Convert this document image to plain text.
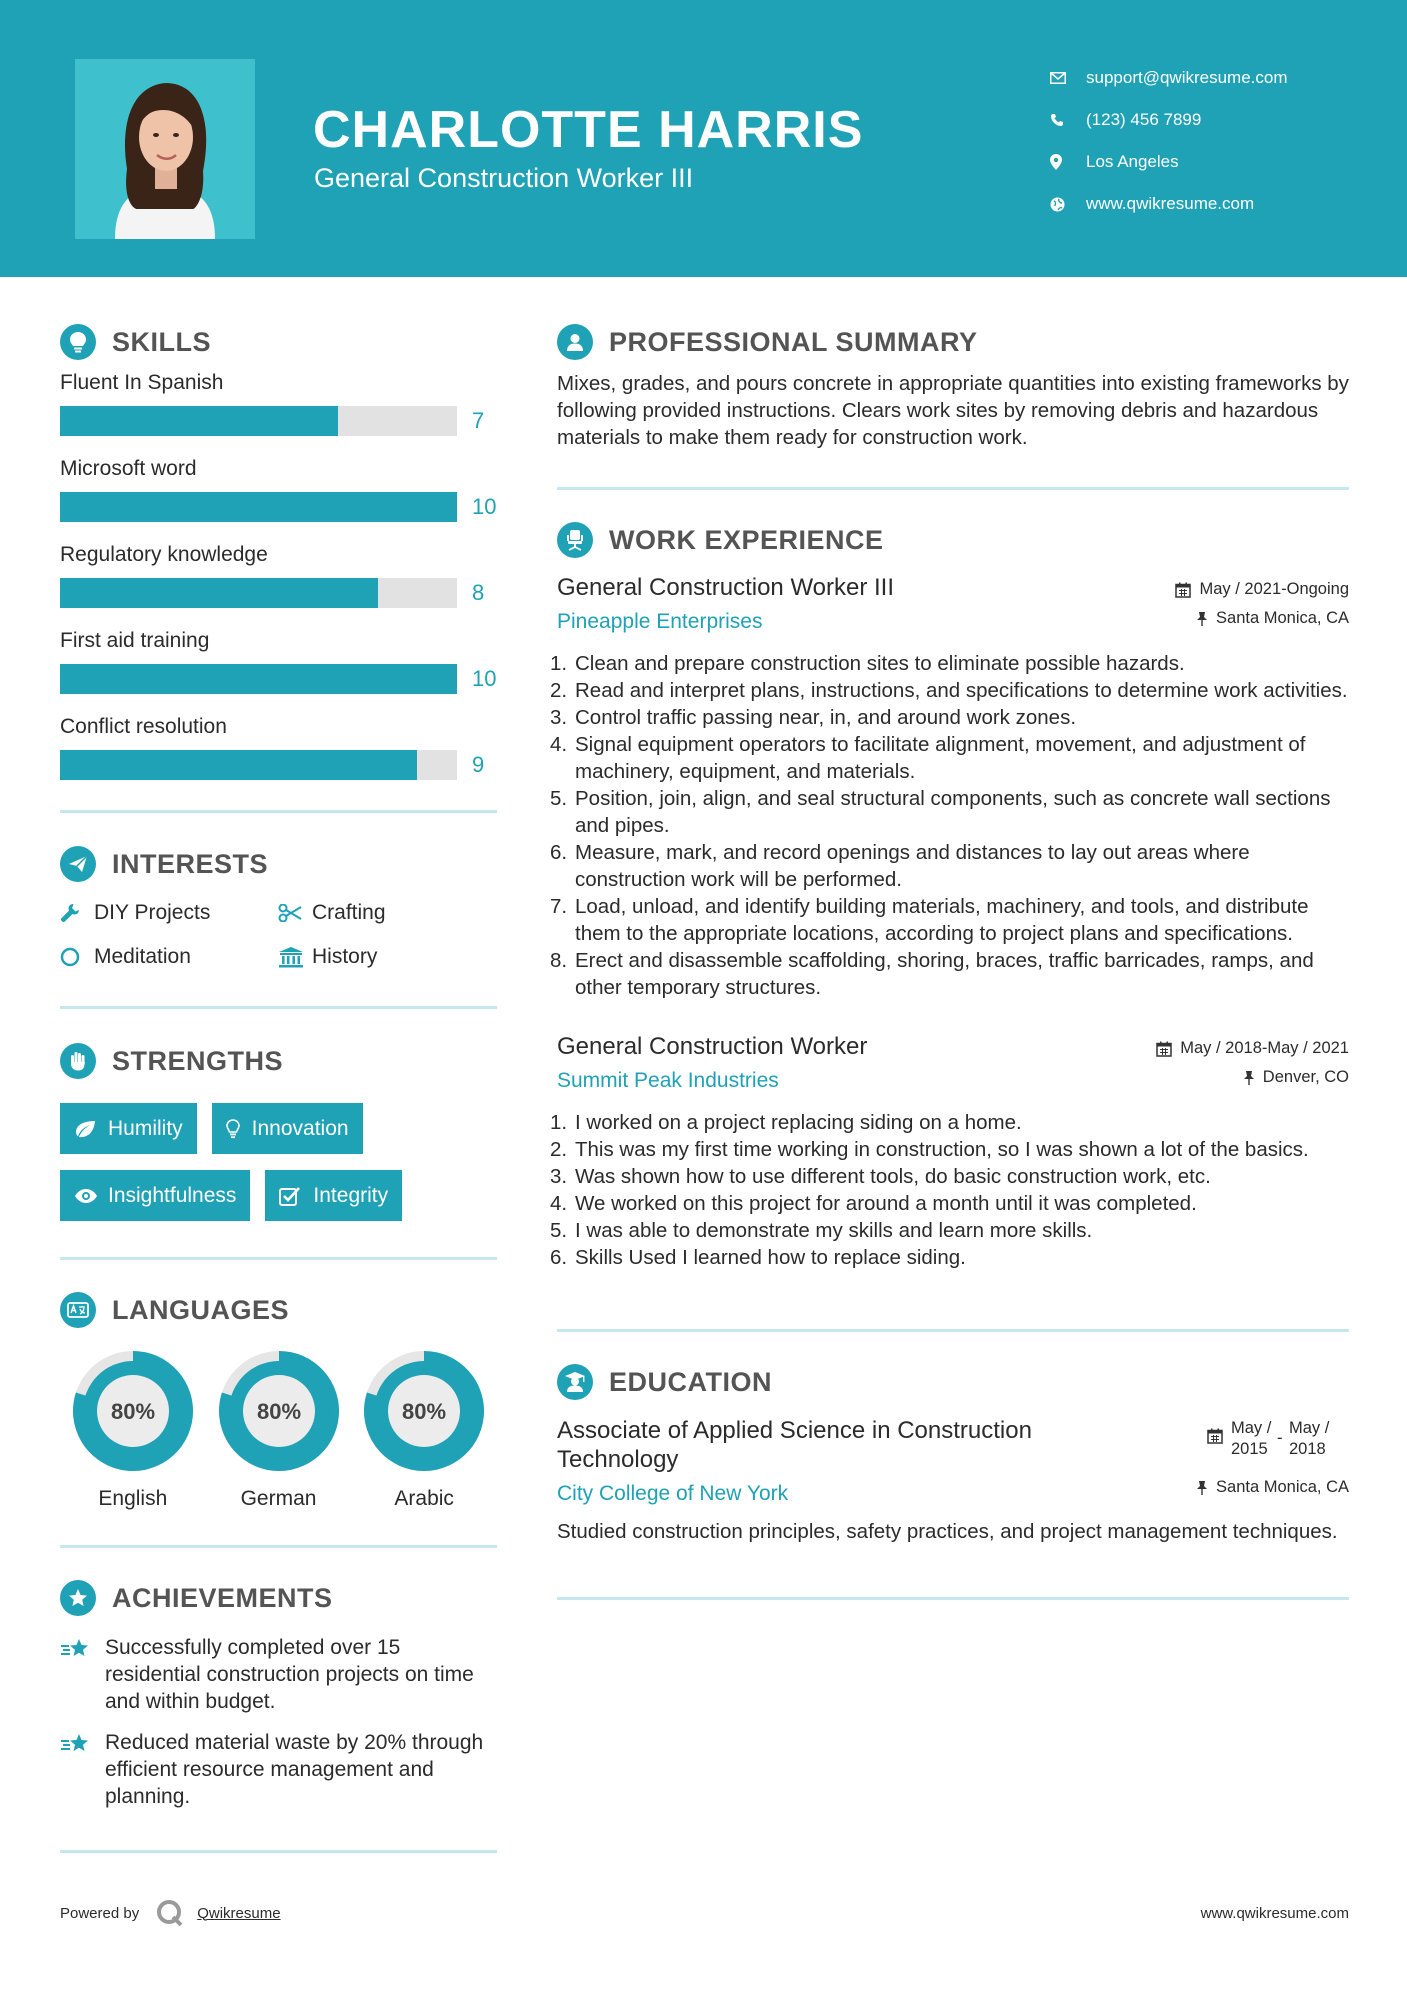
CHARLOTTE HARRIS
General Construction Worker III
support@qwikresume.com
(123) 456 7899
Los Angeles
www.qwikresume.com
SKILLS
Fluent In Spanish
7
Microsoft word
10
Regulatory knowledge
8
First aid training
10
Conflict resolution
9
INTERESTS
DIY Projects	Crafting
Meditation	History
STRENGTHS
Humility	Innovation
Insightfulness	Integrity
LANGUAGES
80%
English
80%
German
80%
Arabic
ACHIEVEMENTS
Successfully completed over 15 residential construction projects on time and within budget.
Reduced material waste by 20% through efficient resource management and planning.
PROFESSIONAL SUMMARY
Mixes, grades, and pours concrete in appropriate quantities into existing frameworks by following provided instructions. Clears work sites by removing debris and hazardous materials to make them ready for construction work.
WORK EXPERIENCE
General Construction Worker III
Pineapple Enterprises
May / 2021-Ongoing
Santa Monica, CA
Clean and prepare construction sites to eliminate possible hazards.
Read and interpret plans, instructions, and specifications to determine work activities.
Control traffic passing near, in, and around work zones.
Signal equipment operators to facilitate alignment, movement, and adjustment of machinery, equipment, and materials.
Position, join, align, and seal structural components, such as concrete wall sections and pipes.
Measure, mark, and record openings and distances to lay out areas where construction work will be performed.
Load, unload, and identify building materials, machinery, and tools, and distribute them to the appropriate locations, according to project plans and specifications.
Erect and disassemble scaffolding, shoring, braces, traffic barricades, ramps, and other temporary structures.
General Construction Worker
Summit Peak Industries
May / 2018-May / 2021
Denver, CO
I worked on a project replacing siding on a home.
This was my first time working in construction, so I was shown a lot of the basics.
Was shown how to use different tools, do basic construction work, etc.
We worked on this project for around a month until it was completed.
I was able to demonstrate my skills and learn more skills.
Skills Used I learned how to replace siding.
EDUCATION
Associate of Applied Science in Construction Technology
City College of New York
May / 2015
-
May / 2018
Santa Monica, CA
Studied construction principles, safety practices, and project management techniques.
Powered by	Qwikresume	www.qwikresume.com
